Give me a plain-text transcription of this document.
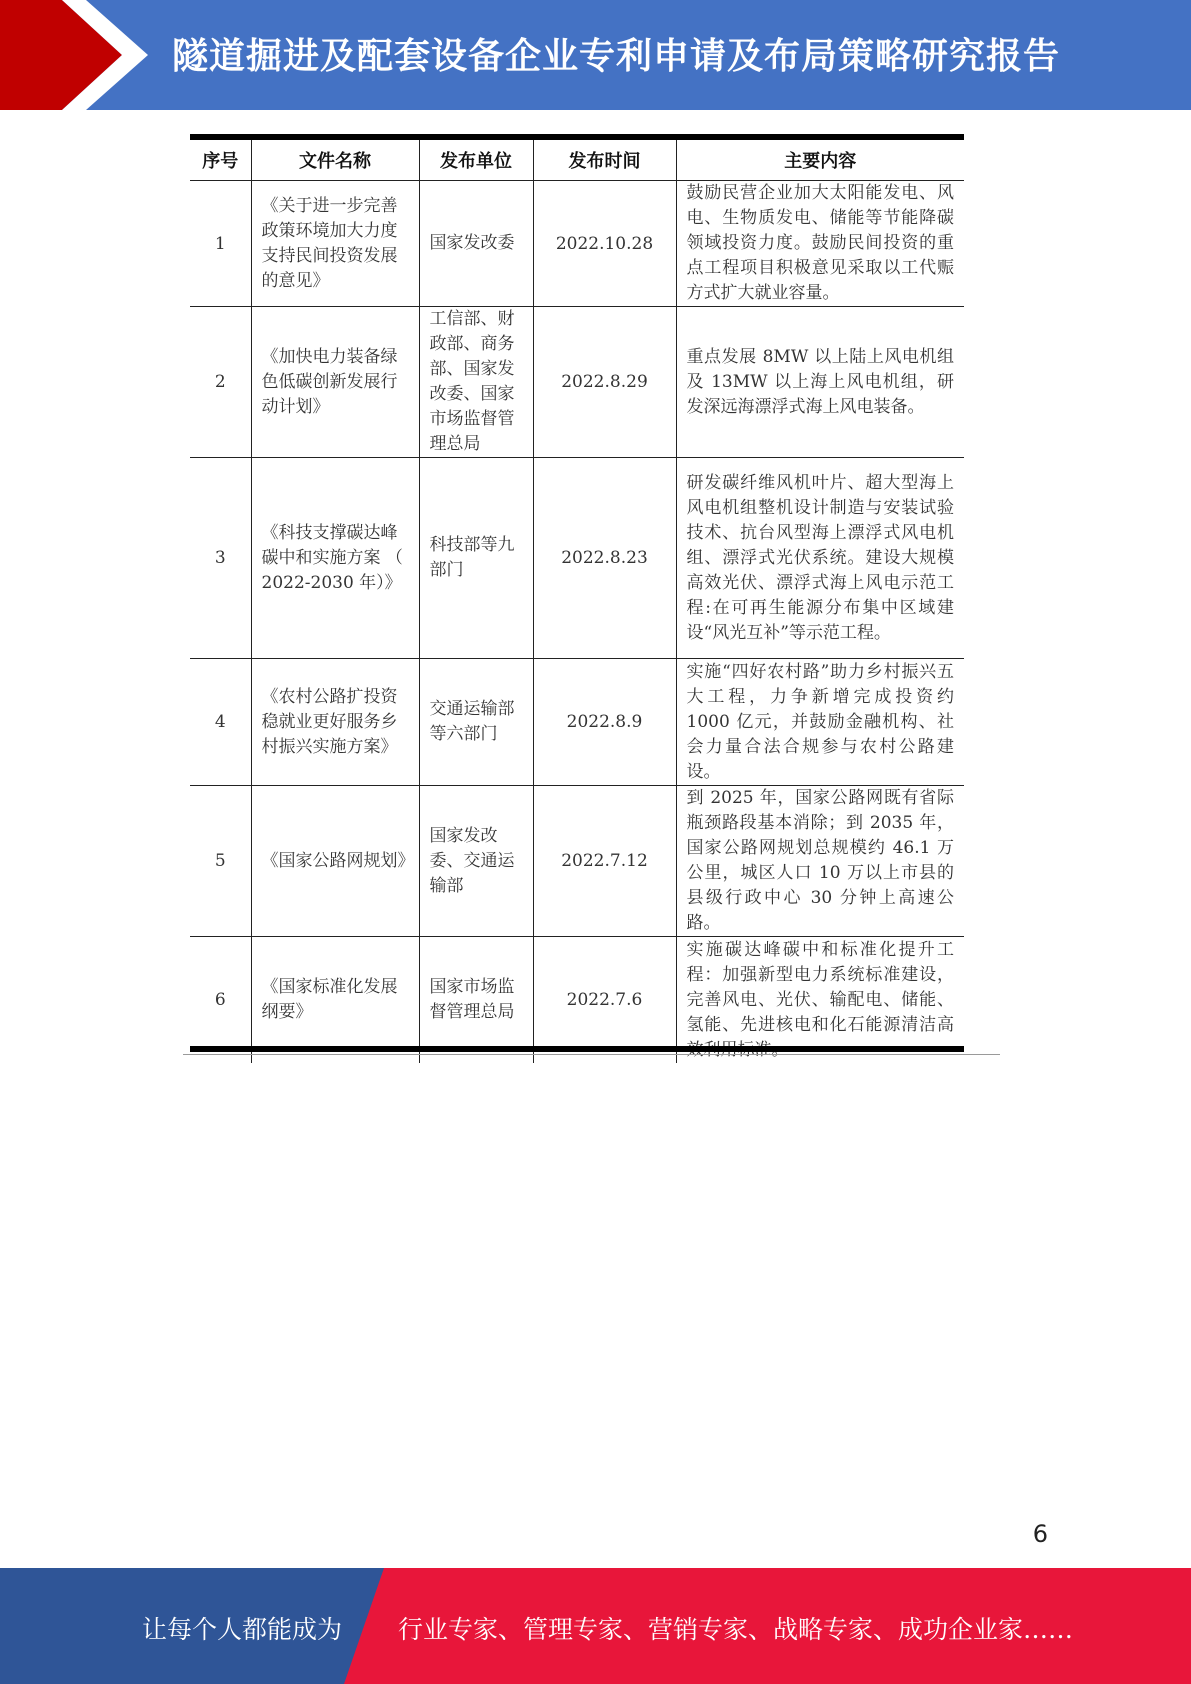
隧道掘进及配套设备企业专利申请及布局策略研究报告
序号	文件名称	发布单位	发布时间	主要内容
1	《关于进一步完善政策环境加大力度支持民间投资发展的意见》	国家发改委	2022.10.28	鼓励民营企业加大太阳能发电、风电、生物质发电、储能等节能降碳领域投资力度。鼓励民间投资的重点工程项目积极意见采取以工代赈方式扩大就业容量。
2	《加快电力装备绿色低碳创新发展行动计划》	工信部、财政部、商务部、国家发改委、国家市场监督管理总局	2022.8.29	重点发展 8MW 以上陆上风电机组及 13MW 以上海上风电机组，研发深远海漂浮式海上风电装备。
3	《科技支撑碳达峰碳中和实施方案 （ 2022-2030 年）》	科技部等九部门	2022.8.23	研发碳纤维风机叶片、超大型海上风电机组整机设计制造与安装试验技术、抗台风型海上漂浮式风电机组、漂浮式光伏系统。建设大规模高效光伏、漂浮式海上风电示范工程:在可再生能源分布集中区域建设“风光互补”等示范工程。
4	《农村公路扩投资稳就业更好服务乡村振兴实施方案》	交通运输部等六部门	2022.8.9	实施“四好农村路”助力乡村振兴五大工程，力争新增完成投资约 1000 亿元，并鼓励金融机构、社会力量合法合规参与农村公路建设。
5	《国家公路网规划》	国家发改委、交通运输部	2022.7.12	到 2025 年，国家公路网既有省际瓶颈路段基本消除；到 2035 年，国家公路网规划总规模约 46.1 万公里，城区人口 10 万以上市县的县级行政中心 30 分钟上高速公路。
6	《国家标准化发展纲要》	国家市场监督管理总局	2022.7.6	实施碳达峰碳中和标准化提升工程：加强新型电力系统标准建设，完善风电、光伏、输配电、储能、氢能、先进核电和化石能源清洁高
6
让每个人都能成为 行业专家、管理专家、营销专家、战略专家、成功企业家……
